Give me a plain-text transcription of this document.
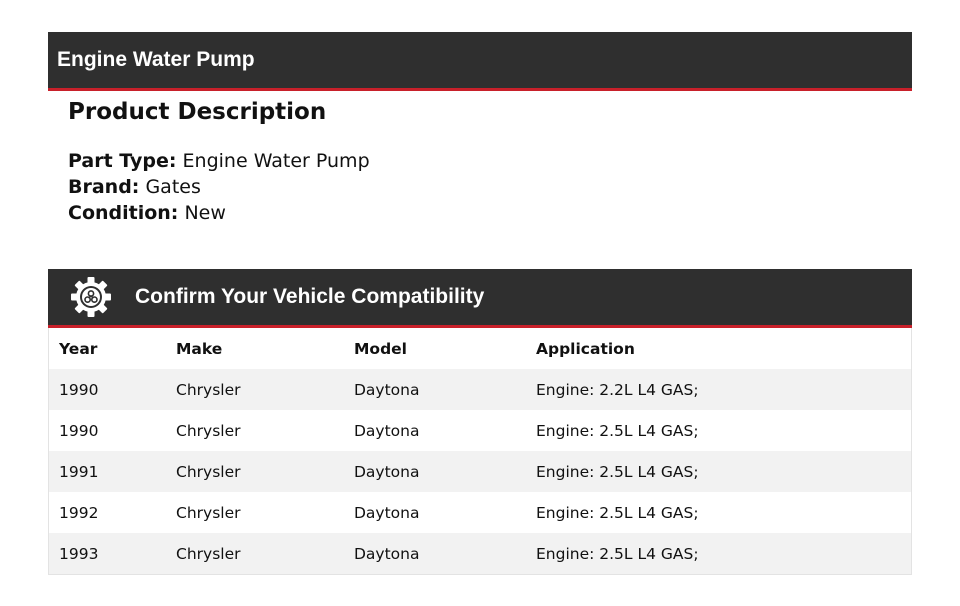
Engine Water Pump
Product Description
Part Type: Engine Water Pump
Brand: Gates
Condition: New
Confirm Your Vehicle Compatibility
Year	Make	Model	Application
1990	Chrysler	Daytona	Engine: 2.2L L4 GAS;
1990	Chrysler	Daytona	Engine: 2.5L L4 GAS;
1991	Chrysler	Daytona	Engine: 2.5L L4 GAS;
1992	Chrysler	Daytona	Engine: 2.5L L4 GAS;
1993	Chrysler	Daytona	Engine: 2.5L L4 GAS;
